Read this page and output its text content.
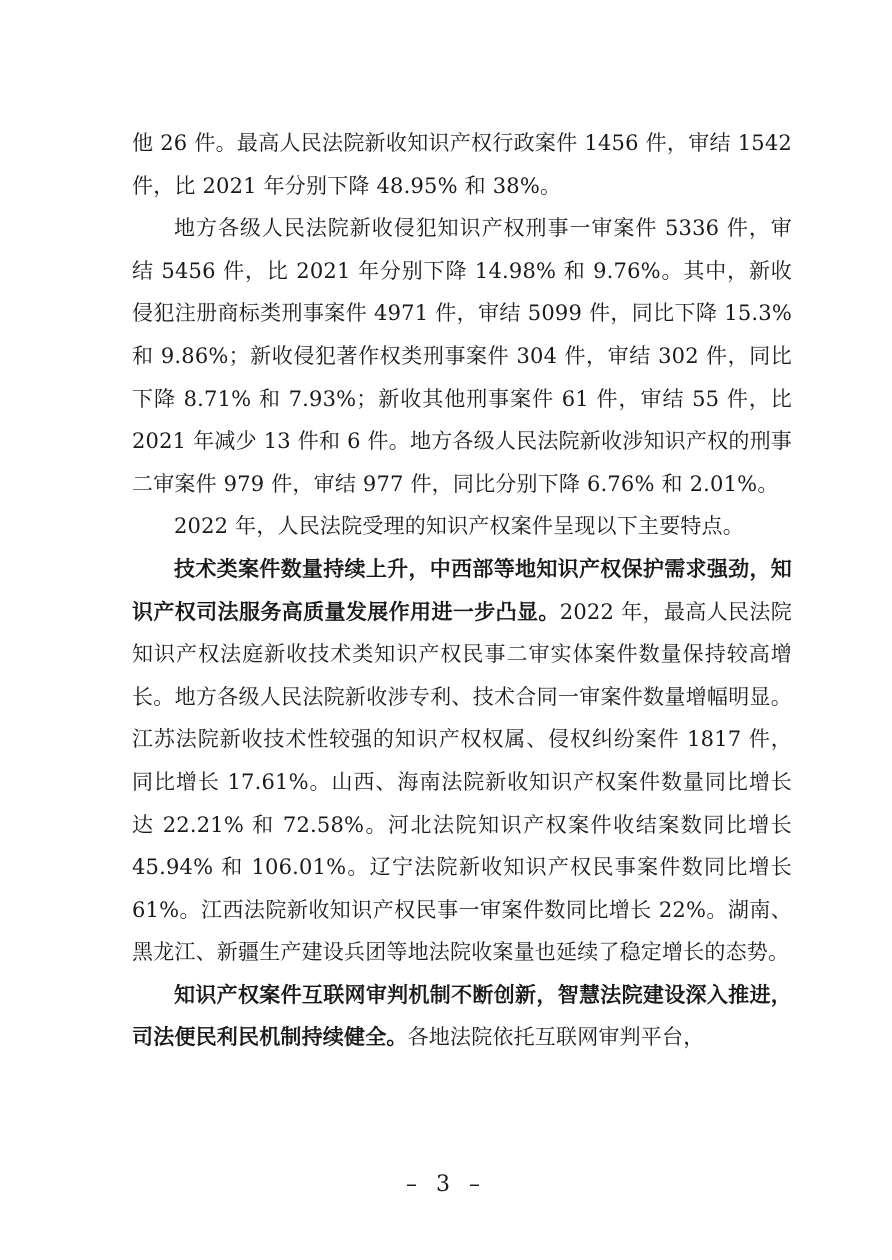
他 26 件。最高人民法院新收知识产权行政案件 1456 件，审结 1542 件，比 2021 年分别下降 48.95% 和 38%。

地方各级人民法院新收侵犯知识产权刑事一审案件 5336 件，审结 5456 件，比 2021 年分别下降 14.98% 和 9.76%。其中，新收侵犯注册商标类刑事案件 4971 件，审结 5099 件，同比下降 15.3% 和 9.86%；新收侵犯著作权类刑事案件 304 件，审结 302 件，同比下降 8.71% 和 7.93%；新收其他刑事案件 61 件，审结 55 件，比 2021 年减少 13 件和 6 件。地方各级人民法院新收涉知识产权的刑事二审案件 979 件，审结 977 件，同比分别下降 6.76% 和 2.01%。

2022 年，人民法院受理的知识产权案件呈现以下主要特点。

技术类案件数量持续上升，中西部等地知识产权保护需求强劲，知识产权司法服务高质量发展作用进一步凸显。2022 年，最高人民法院知识产权法庭新收技术类知识产权民事二审实体案件数量保持较高增长。地方各级人民法院新收涉专利、技术合同一审案件数量增幅明显。江苏法院新收技术性较强的知识产权权属、侵权纠纷案件 1817 件，同比增长 17.61%。山西、海南法院新收知识产权案件数量同比增长达 22.21% 和 72.58%。河北法院知识产权案件收结案数同比增长 45.94% 和 106.01%。辽宁法院新收知识产权民事案件数同比增长 61%。江西法院新收知识产权民事一审案件数同比增长 22%。湖南、黑龙江、新疆生产建设兵团等地法院收案量也延续了稳定增长的态势。

知识产权案件互联网审判机制不断创新，智慧法院建设深入推进，司法便民利民机制持续健全。各地法院依托互联网审判平台，

– 3 –
